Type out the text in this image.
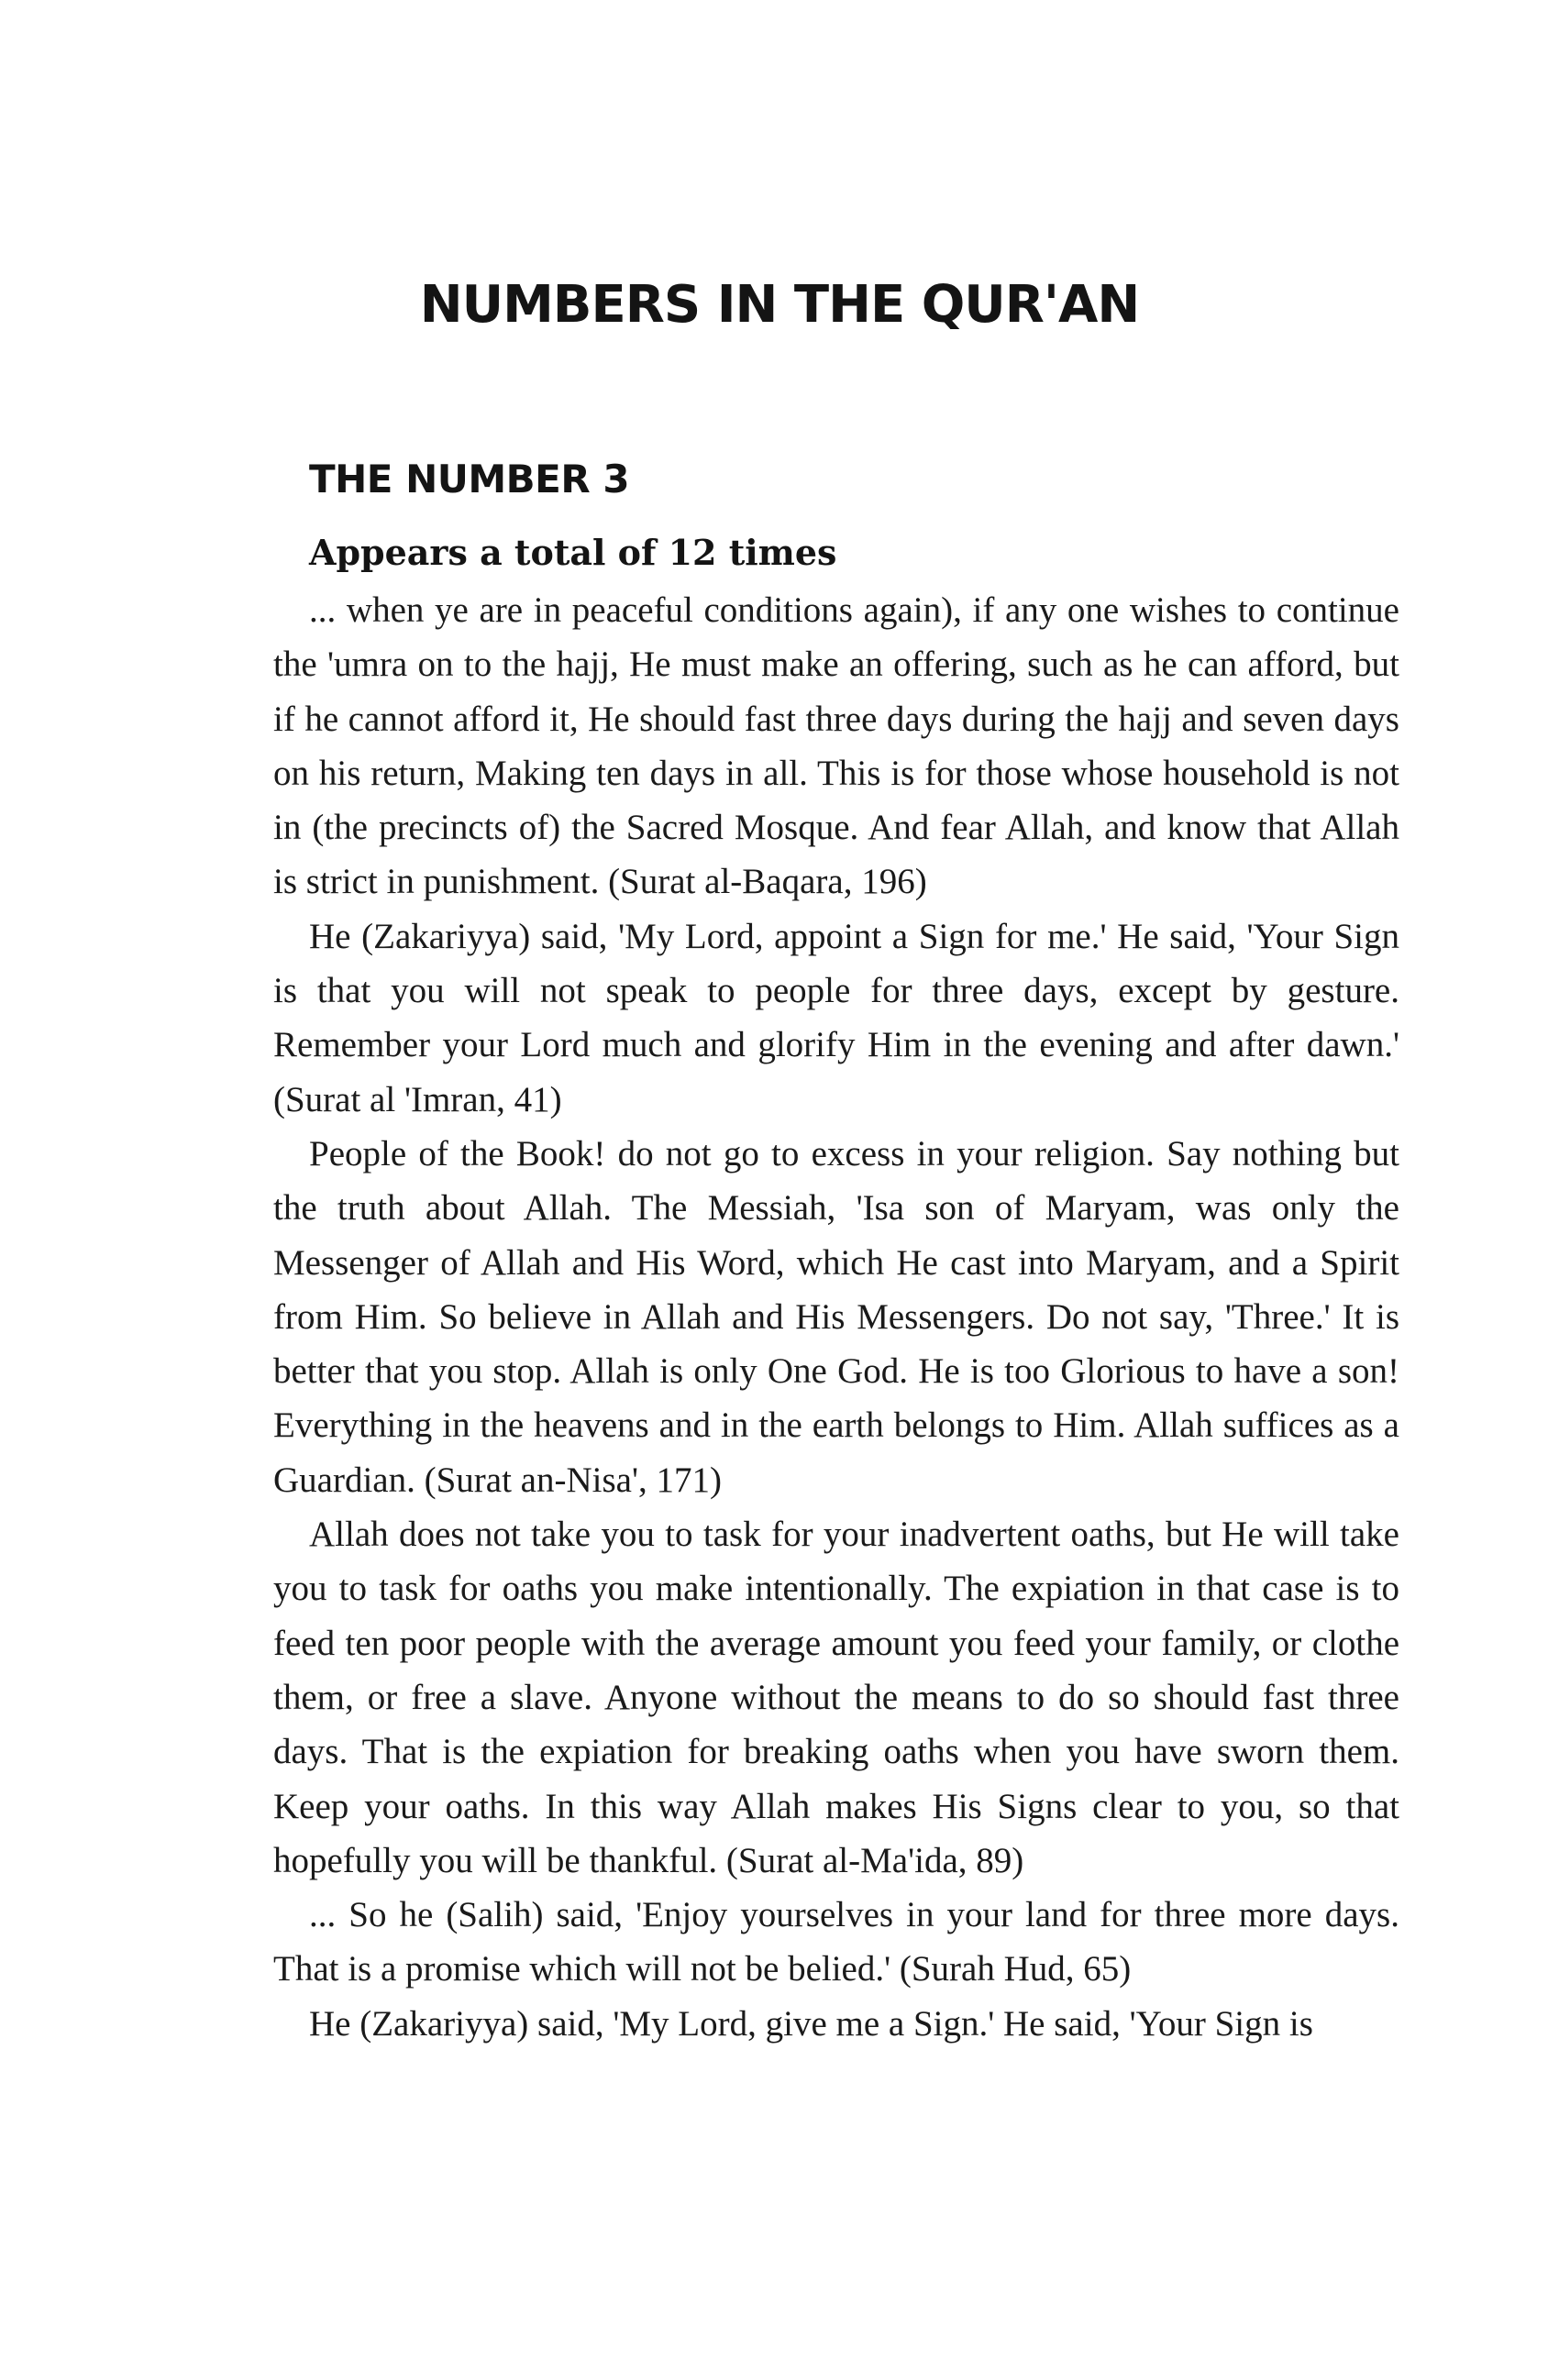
NUMBERS IN THE QUR'AN
THE NUMBER 3
Appears a total of 12 times

... when ye are in peaceful conditions again), if any one wishes to continue the 'umra on to the hajj, He must make an offering, such as he can afford, but if he cannot afford it, He should fast three days during the hajj and seven days on his return, Making ten days in all. This is for those whose household is not in (the precincts of) the Sacred Mosque. And fear Allah, and know that Allah is strict in punishment. (Surat al-Baqara, 196)

He (Zakariyya) said, 'My Lord, appoint a Sign for me.' He said, 'Your Sign is that you will not speak to people for three days, except by gesture. Remember your Lord much and glorify Him in the evening and after dawn.' (Surat al 'Imran, 41)

People of the Book! do not go to excess in your religion. Say nothing but the truth about Allah. The Messiah, 'Isa son of Maryam, was only the Messenger of Allah and His Word, which He cast into Maryam, and a Spirit from Him. So believe in Allah and His Messengers. Do not say, 'Three.' It is better that you stop. Allah is only One God. He is too Glorious to have a son! Everything in the heavens and in the earth belongs to Him. Allah suffices as a Guardian. (Surat an-Nisa', 171)

Allah does not take you to task for your inadvertent oaths, but He will take you to task for oaths you make intentionally. The expiation in that case is to feed ten poor people with the average amount you feed your family, or clothe them, or free a slave. Anyone without the means to do so should fast three days. That is the expiation for breaking oaths when you have sworn them. Keep your oaths. In this way Allah makes His Signs clear to you, so that hopefully you will be thankful. (Surat al-Ma'ida, 89)

... So he (Salih) said, 'Enjoy yourselves in your land for three more days. That is a promise which will not be belied.' (Surah Hud, 65)

He (Zakariyya) said, 'My Lord, give me a Sign.' He said, 'Your Sign is
